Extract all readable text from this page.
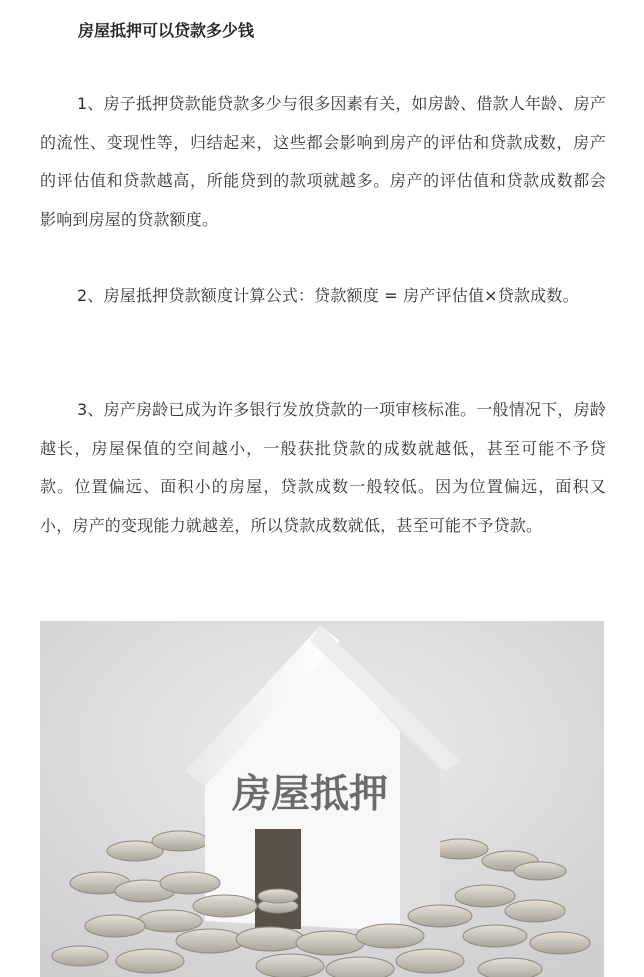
房屋抵押可以贷款多少钱

1、房子抵押贷款能贷款多少与很多因素有关，如房龄、借款人年龄、房产的流性、变现性等，归结起来，这些都会影响到房产的评估和贷款成数，房产的评估值和贷款越高，所能贷到的款项就越多。房产的评估值和贷款成数都会影响到房屋的贷款额度。

2、房屋抵押贷款额度计算公式：贷款额度 = 房产评估值×贷款成数。

3、房产房龄已成为许多银行发放贷款的一项审核标准。一般情况下，房龄越长，房屋保值的空间越小，一般获批贷款的成数就越低，甚至可能不予贷款。位置偏远、面积小的房屋，贷款成数一般较低。因为位置偏远，面积又小，房产的变现能力就越差，所以贷款成数就低，甚至可能不予贷款。

房屋抵押
